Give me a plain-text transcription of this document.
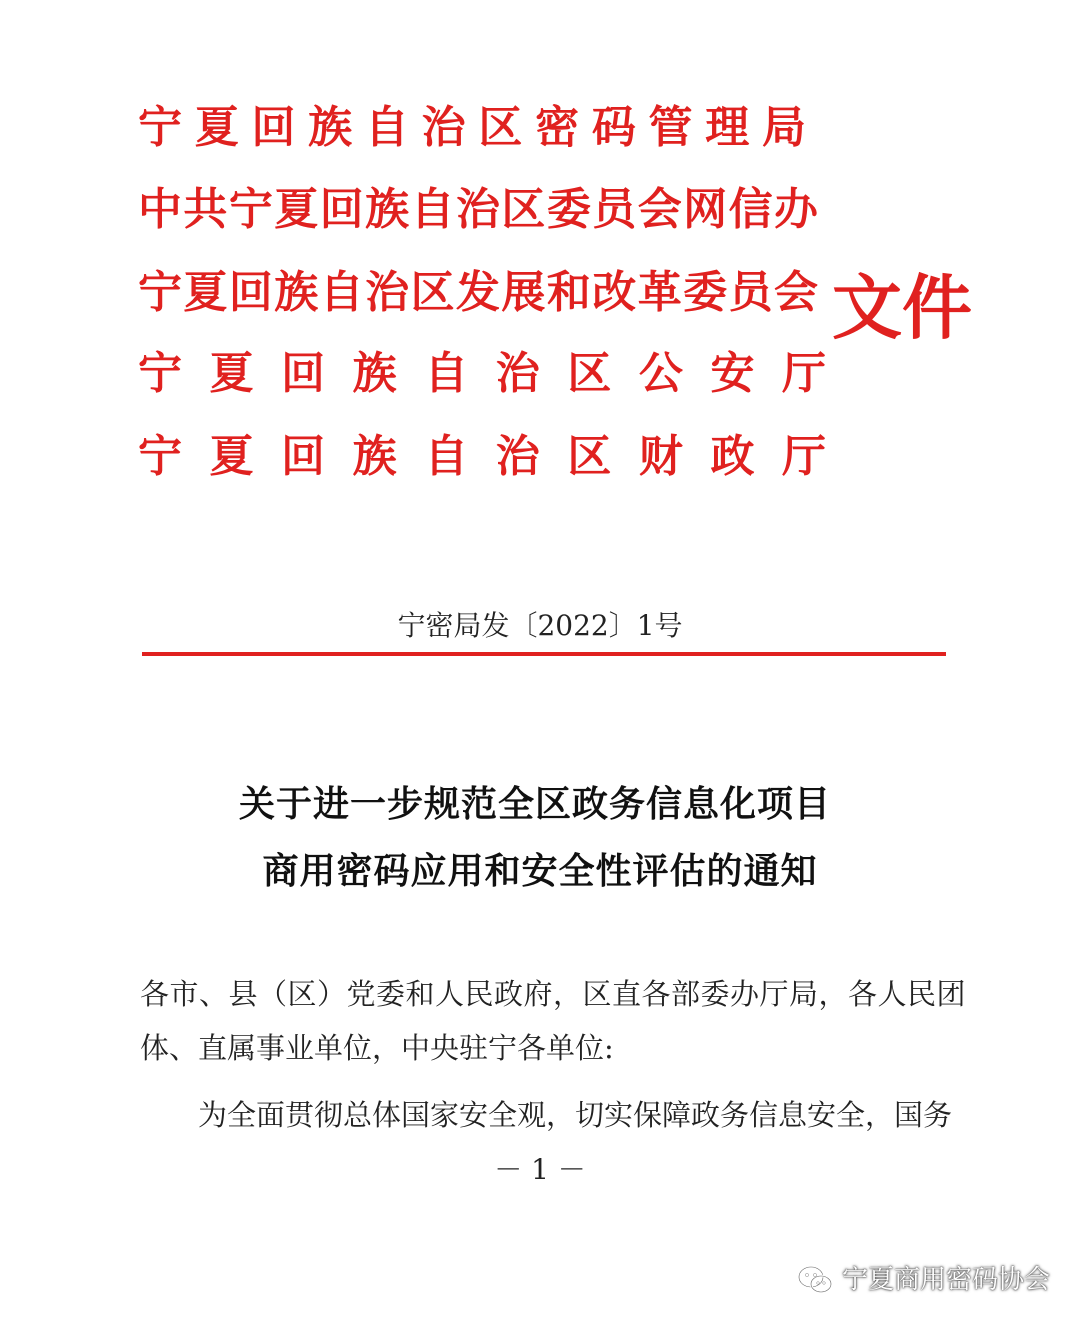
宁夏回族自治区密码管理局
中共宁夏回族自治区委员会网信办
宁夏回族自治区发展和改革委员会
宁夏回族自治区公安厅
宁夏回族自治区财政厅
文件
宁密局发〔2022〕1号
关于进一步规范全区政务信息化项目
商用密码应用和安全性评估的通知
各市、县（区）党委和人民政府，区直各部委办厅局，各人民团
体、直属事业单位，中央驻宁各单位:
为全面贯彻总体国家安全观，切实保障政务信息安全，国务
－ 1 －
宁夏商用密码协会
